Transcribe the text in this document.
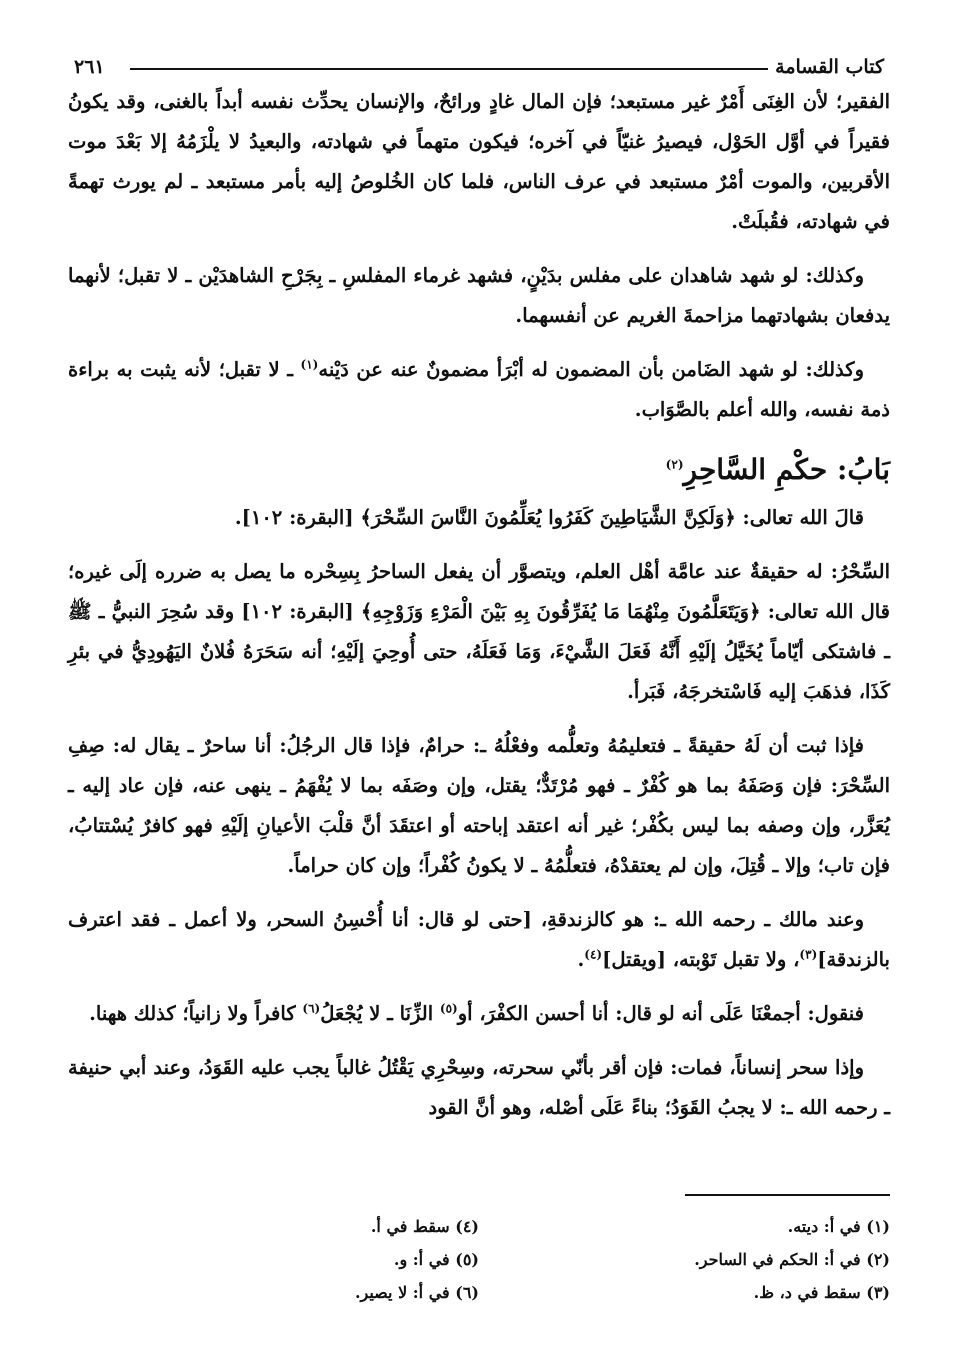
كتاب القسامة
٢٦١

الفقير؛ لأن الغِنَى أَمْرٌ غير مستبعد؛ فإن المال غادٍ ورائحٌ، والإنسان يحدِّث نفسه أبداً بالغنى، وقد يكونُ فقيراً في أوَّل الحَوْل، فيصيرُ غنيّاً في آخره؛ فيكون متهماً في شهادته، والبعيدُ لا يلْزَمُهُ إلا بَعْدَ موت الأقربين، والموت أمْرٌ مستبعد في عرف الناس، فلما كان الخُلوصُ إليه بأمر مستبعد ـ لم يورث تهمةً في شهادته، فقُبلَتْ.

وكذلك: لو شهد شاهدان على مفلس بدَيْنٍ، فشهد غرماء المفلسِ ـ بِجَرْحِ الشاهدَيْن ـ لا تقبل؛ لأنهما يدفعان بشهادتهما مزاحمةَ الغريم عن أنفسهما.

وكذلك: لو شهد الضَامن بأن المضمون له أبْرَأ مضمونٌ عنه عن دَيْنه$^{(١)}$ ـ لا تقبل؛ لأنه يثبت به براءة ذمة نفسه، والله أعلم بالصَّوَاب.

بَابُ: حكْمِ السَّاحِرِ$^{(٢)}$

قالَ الله تعالى: ﴿وَلَكِنَّ الشَّيَاطِينَ كَفَرُوا يُعَلِّمُونَ النَّاسَ السِّحْرَ﴾ [البقرة: ١٠٢].

السِّحْرُ: له حقيقةٌ عند عامَّة أهْل العلم، ويتصوَّر أن يفعل الساحرُ بِسِحْره ما يصل به ضرره إلَى غيره؛ قال الله تعالى: ﴿وَيَتَعَلَّمُونَ مِنْهُمَا مَا يُفَرِّقُونَ بِهِ بَيْنَ الْمَرْءِ وَزَوْجِهِ﴾ [البقرة: ١٠٢] وقد سُحِرَ النبيُّ ـ ﷺ ـ فاشتكى أيّاماً يُخَيَّلُ إلَيْهِ أَنَّهُ فَعَلَ الشَّيْءَ، وَمَا فَعَلَهُ، حتى أُوحِيَ إلَيْهِ؛ أنه سَحَرَهُ فُلانٌ اليَهُودِيُّ في بئرِ كَذَا، فذهَبَ إليه فَاسْتخرجَهُ، فَبَرأ.

فإذا ثبت أن لَهُ حقيقةً ـ فتعليمُهُ وتعلُّمه وفعْلُهُ ـ: حرامٌ، فإذا قال الرجُلُ: أنا ساحرٌ ـ يقال له: صِفِ السِّحْرَ: فإن وَصَفَهُ بما هو كُفْرٌ ـ فهو مُرْتَدٌّ؛ يقتل، وإن وصَفَه بما لا يُفْهَمُ ـ ينهى عنه، فإن عاد إليه ـ يُعَزَّر، وإن وصفه بما ليس بكُفْر؛ غير أنه اعتقد إباحته أو اعتقَدَ أنَّ قلْبَ الأعيانِ إلَيْهِ فهو كافرٌ يُسْتتابُ، فإن تاب؛ وإلا ـ قُتِلَ، وإن لم يعتقدْهُ، فتعلُّمُهُ ـ لا يكونُ كُفْراً؛ وإن كان حراماً.

وعند مالك ـ رحمه الله ـ: هو كالزندقةِ، [حتى لو قال: أنا أُحْسِنُ السحر، ولا أعمل ـ فقد اعترف بالزندقة]$^{(٣)}$، ولا تقبل تَوْبته، [ويقتل]$^{(٤)}$.

فنقول: أجمعْنَا عَلَى أنه لو قال: أنا أحسن الكفْرَ، أو$^{(٥)}$ الزِّنَا ـ لا يُجْعَلُ$^{(٦)}$ كافراً ولا زانياً؛ كذلك ههنا.

وإذا سحر إنساناً، فمات: فإن أقر بأنّي سحرته، وسِحْرِي يَقْتُلُ غالباً يجب عليه القَوَدُ، وعند أبي حنيفة ـ رحمه الله ـ: لا يجبُ القَوَدُ؛ بناءً عَلَى أصْله، وهو أنَّ القود

(١) في أ: ديته.
(٢) في أ: الحكم في الساحر.
(٣) سقط في د، ظ.
(٤) سقط في أ.
(٥) في أ: و.
(٦) في أ: لا يصير.
